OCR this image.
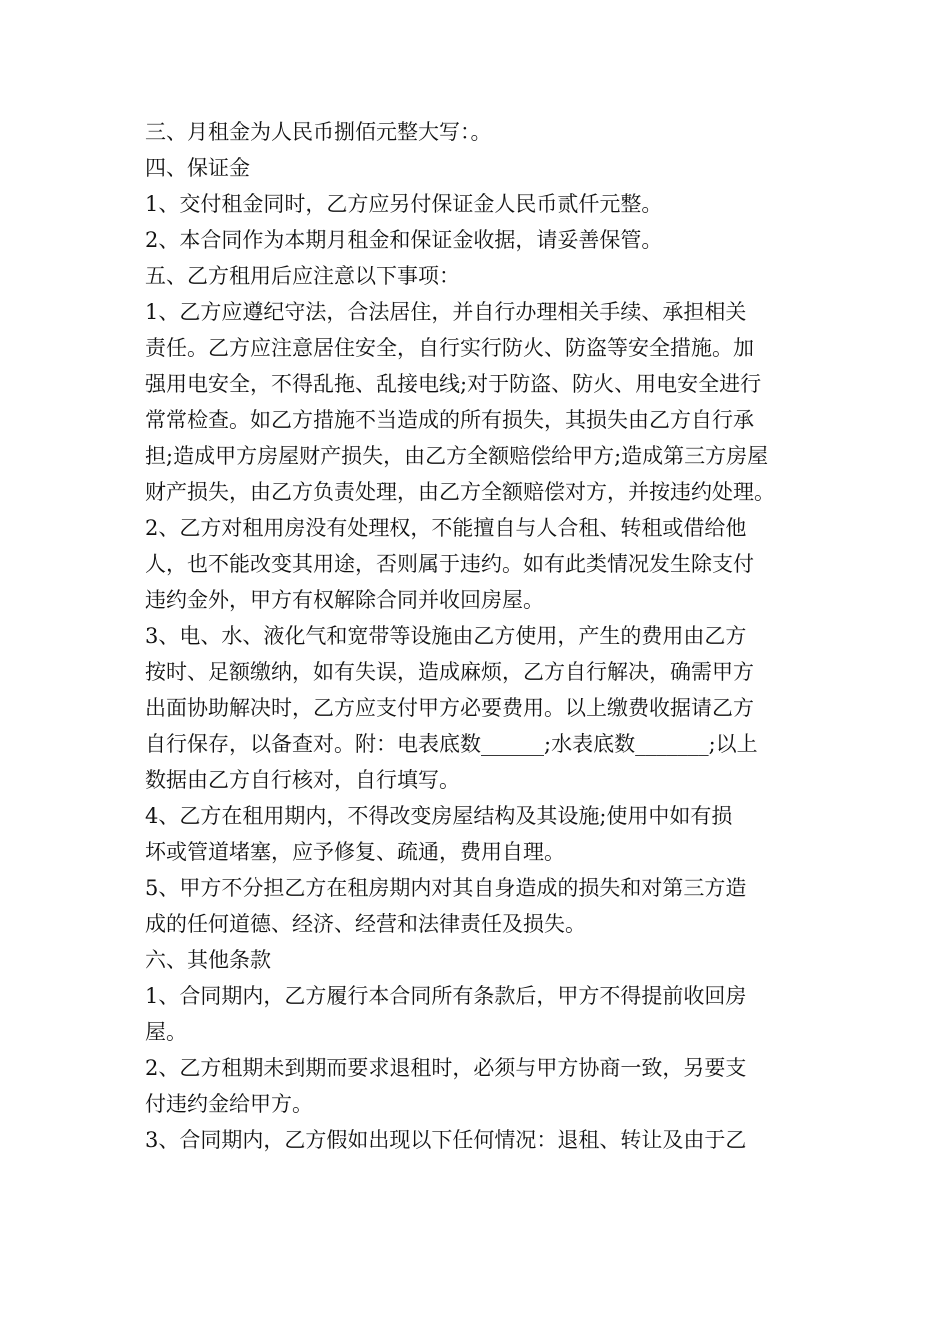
三、月租金为人民币捌佰元整大写：。

四、保证金

1、交付租金同时，乙方应另付保证金人民币贰仟元整。

2、本合同作为本期月租金和保证金收据，请妥善保管。

五、乙方租用后应注意以下事项：

1、乙方应遵纪守法，合法居住，并自行办理相关手续、承担相关

责任。乙方应注意居住安全，自行实行防火、防盗等安全措施。加

强用电安全，不得乱拖、乱接电线;对于防盗、防火、用电安全进行

常常检查。如乙方措施不当造成的所有损失，其损失由乙方自行承

担;造成甲方房屋财产损失，由乙方全额赔偿给甲方;造成第三方房屋

财产损失，由乙方负责处理，由乙方全额赔偿对方，并按违约处理。

2、乙方对租用房没有处理权，不能擅自与人合租、转租或借给他

人，也不能改变其用途，否则属于违约。如有此类情况发生除支付

违约金外，甲方有权解除合同并收回房屋。

3、电、水、液化气和宽带等设施由乙方使用，产生的费用由乙方

按时、足额缴纳，如有失误，造成麻烦，乙方自行解决，确需甲方

出面协助解决时，乙方应支付甲方必要费用。以上缴费收据请乙方

自行保存，以备查对。附：电表底数______;水表底数_______;以上

数据由乙方自行核对，自行填写。

4、乙方在租用期内，不得改变房屋结构及其设施;使用中如有损

坏或管道堵塞，应予修复、疏通，费用自理。

5、甲方不分担乙方在租房期内对其自身造成的损失和对第三方造

成的任何道德、经济、经营和法律责任及损失。

六、其他条款

1、合同期内，乙方履行本合同所有条款后，甲方不得提前收回房

屋。

2、乙方租期未到期而要求退租时，必须与甲方协商一致，另要支

付违约金给甲方。

3、合同期内，乙方假如出现以下任何情况：退租、转让及由于乙
